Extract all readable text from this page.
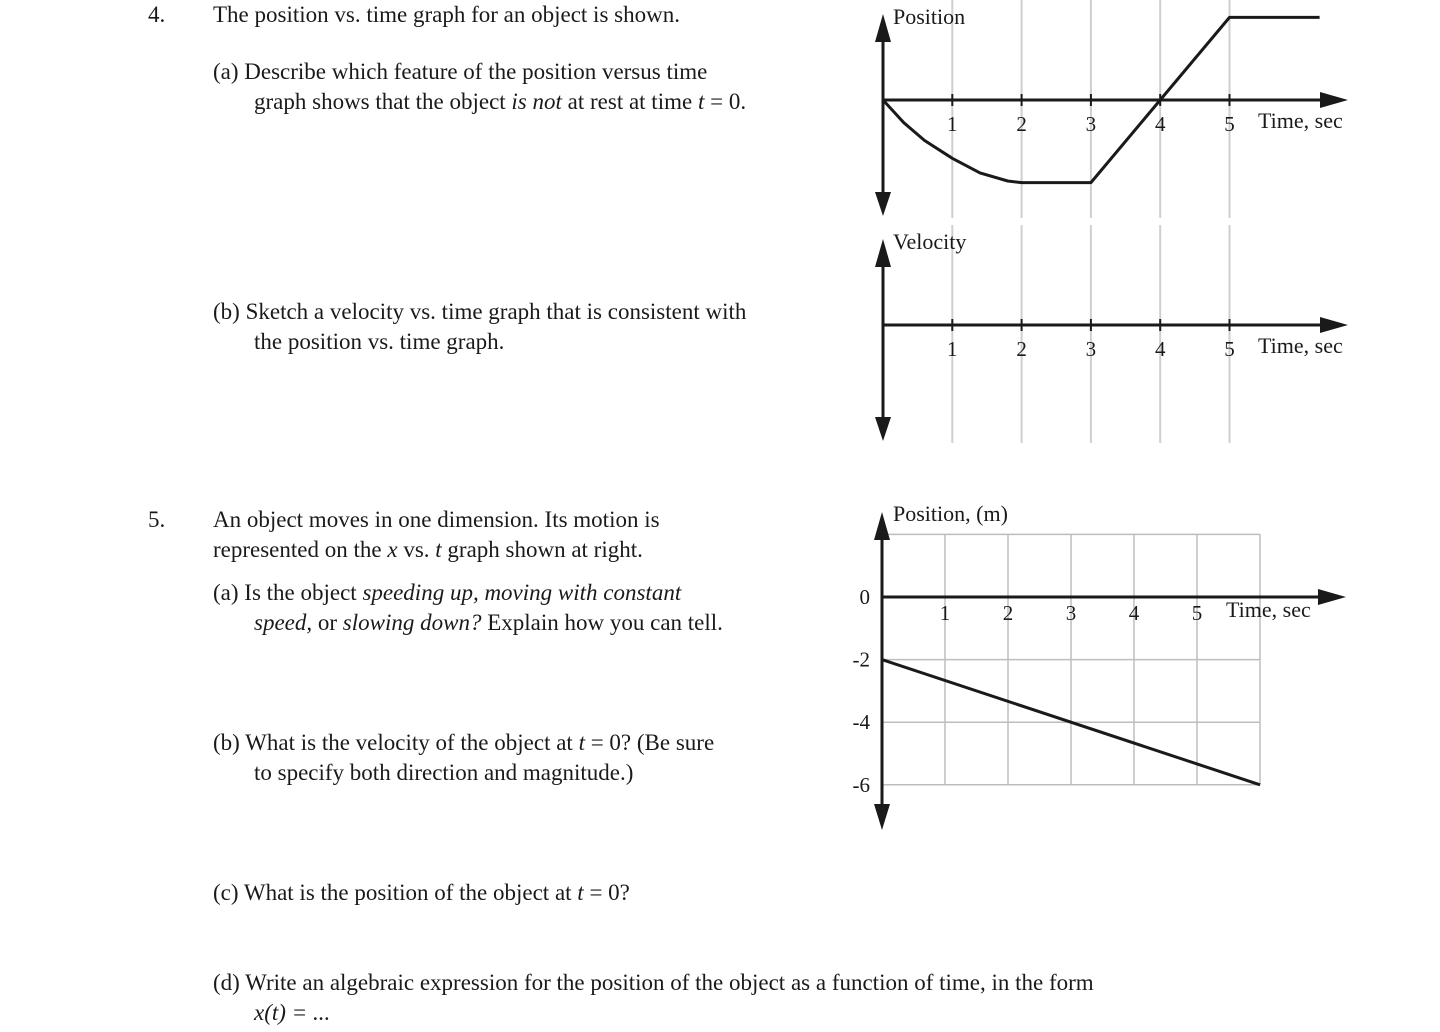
4. The position vs. time graph for an object is shown.
(a) Describe which feature of the position versus time
graph shows that the object is not at rest at time t = 0.
(b) Sketch a velocity vs. time graph that is consistent with
the position vs. time graph.
5. An object moves in one dimension. Its motion is
represented on the x vs. t graph shown at right.
(a) Is the object speeding up, moving with constant
speed, or slowing down? Explain how you can tell.
(b) What is the velocity of the object at t = 0? (Be sure
to specify both direction and magnitude.)
(c) What is the position of the object at t = 0?
(d) Write an algebraic expression for the position of the object as a function of time, in the form
x(t) = ...
1	2	3	4	5 Time, sec
Position
1	2	3	4	5 Time, sec
Velocity
1	2	3	4	5
0
-2
-4
-6
Time, sec
Position, (m)
